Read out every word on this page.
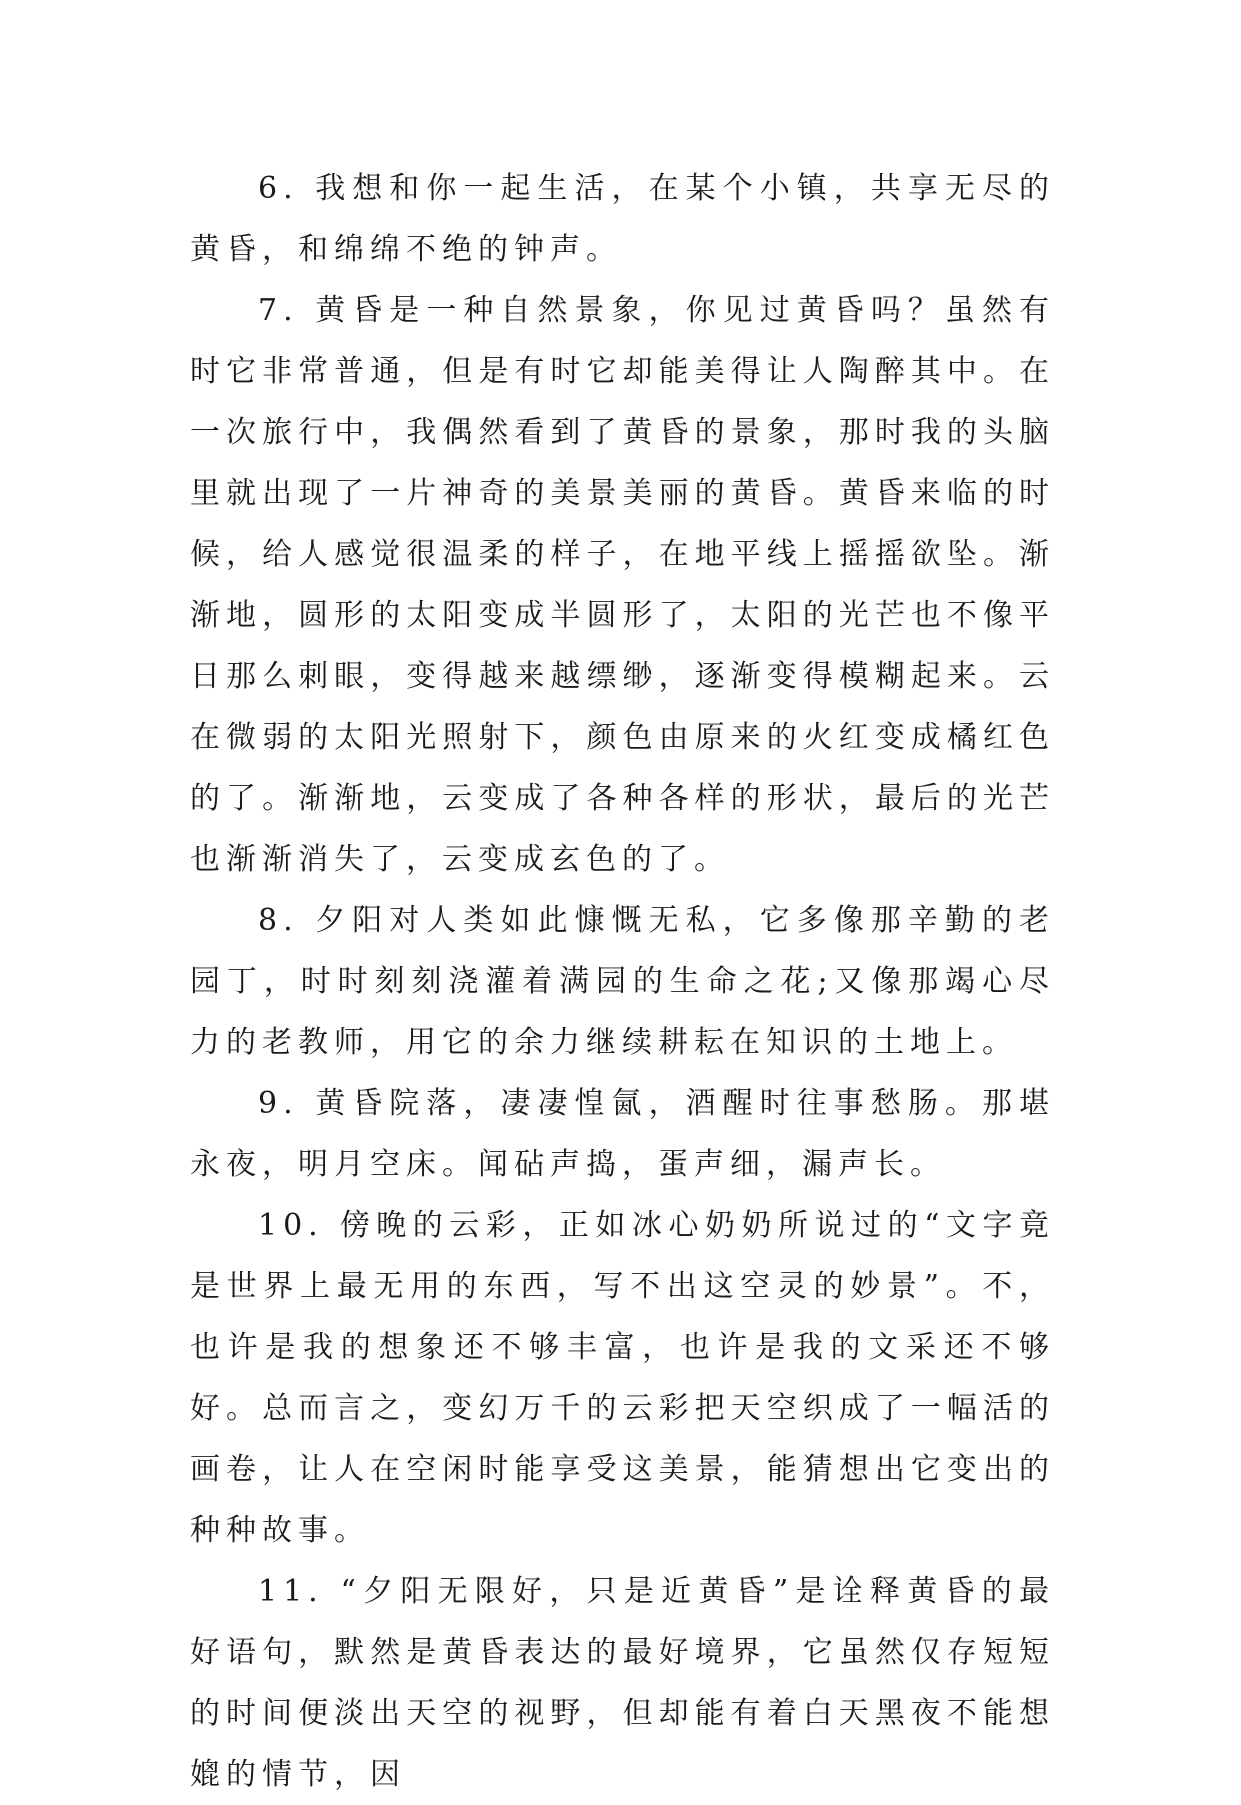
6. 我想和你一起生活，在某个小镇，共享无尽的黄昏，和绵绵不绝的钟声。

7. 黄昏是一种自然景象，你见过黄昏吗？虽然有时它非常普通，但是有时它却能美得让人陶醉其中。在一次旅行中，我偶然看到了黄昏的景象，那时我的头脑里就出现了一片神奇的美景美丽的黄昏。黄昏来临的时候，给人感觉很温柔的样子，在地平线上摇摇欲坠。渐渐地，圆形的太阳变成半圆形了，太阳的光芒也不像平日那么刺眼，变得越来越缥缈，逐渐变得模糊起来。云在微弱的太阳光照射下，颜色由原来的火红变成橘红色的了。渐渐地，云变成了各种各样的形状，最后的光芒也渐渐消失了，云变成玄色的了。

8. 夕阳对人类如此慷慨无私，它多像那辛勤的老园丁，时时刻刻浇灌着满园的生命之花;又像那竭心尽力的老教师，用它的余力继续耕耘在知识的土地上。

9. 黄昏院落，凄凄惶氤，酒醒时往事愁肠。那堪永夜，明月空床。闻砧声捣，蛋声细，漏声长。

10. 傍晚的云彩，正如冰心奶奶所说过的“文字竟是世界上最无用的东西，写不出这空灵的妙景”。不，也许是我的想象还不够丰富，也许是我的文采还不够好。总而言之，变幻万千的云彩把天空织成了一幅活的画卷，让人在空闲时能享受这美景，能猜想出它变出的种种故事。

11. “夕阳无限好，只是近黄昏”是诠释黄昏的最好语句，默然是黄昏表达的最好境界，它虽然仅存短短的时间便淡出天空的视野，但却能有着白天黑夜不能想媲的情节，因
